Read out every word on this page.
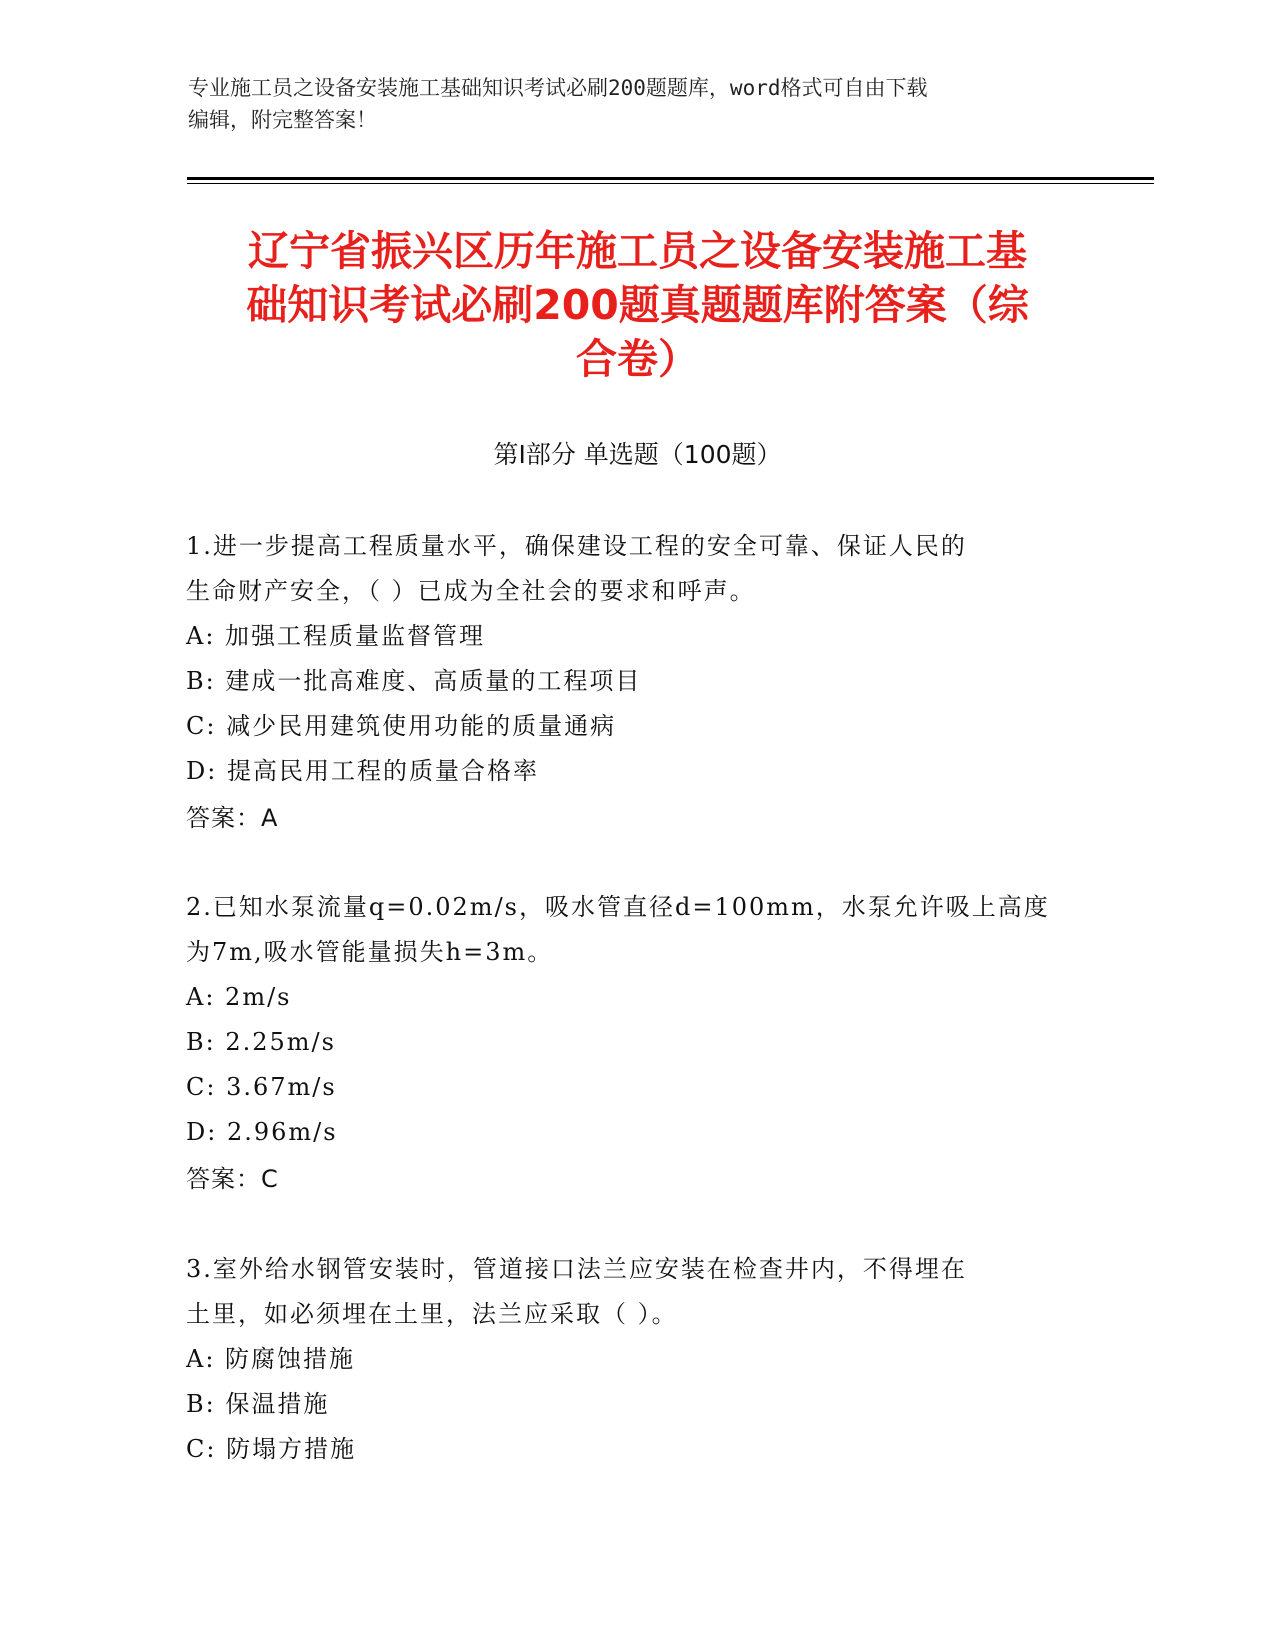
专业施工员之设备安装施工基础知识考试必刷200题题库，word格式可自由下载
编辑，附完整答案！
辽宁省振兴区历年施工员之设备安装施工基
础知识考试必刷200题真题题库附答案（综
合卷）
第I部分 单选题（100题）
1.进一步提高工程质量水平，确保建设工程的安全可靠、保证人民的
生命财产安全，（ ）已成为全社会的要求和呼声。
A: 加强工程质量监督管理
B: 建成一批高难度、高质量的工程项目
C: 减少民用建筑使用功能的质量通病
D: 提高民用工程的质量合格率
答案：A
2.已知水泵流量q=0.02m/s，吸水管直径d=100mm，水泵允许吸上高度
为7m,吸水管能量损失h=3m。
A: 2m/s
B: 2.25m/s
C: 3.67m/s
D: 2.96m/s
答案：C
3.室外给水钢管安装时，管道接口法兰应安装在检查井内，不得埋在
土里，如必须埋在土里，法兰应采取（ ）。
A: 防腐蚀措施
B: 保温措施
C: 防塌方措施
